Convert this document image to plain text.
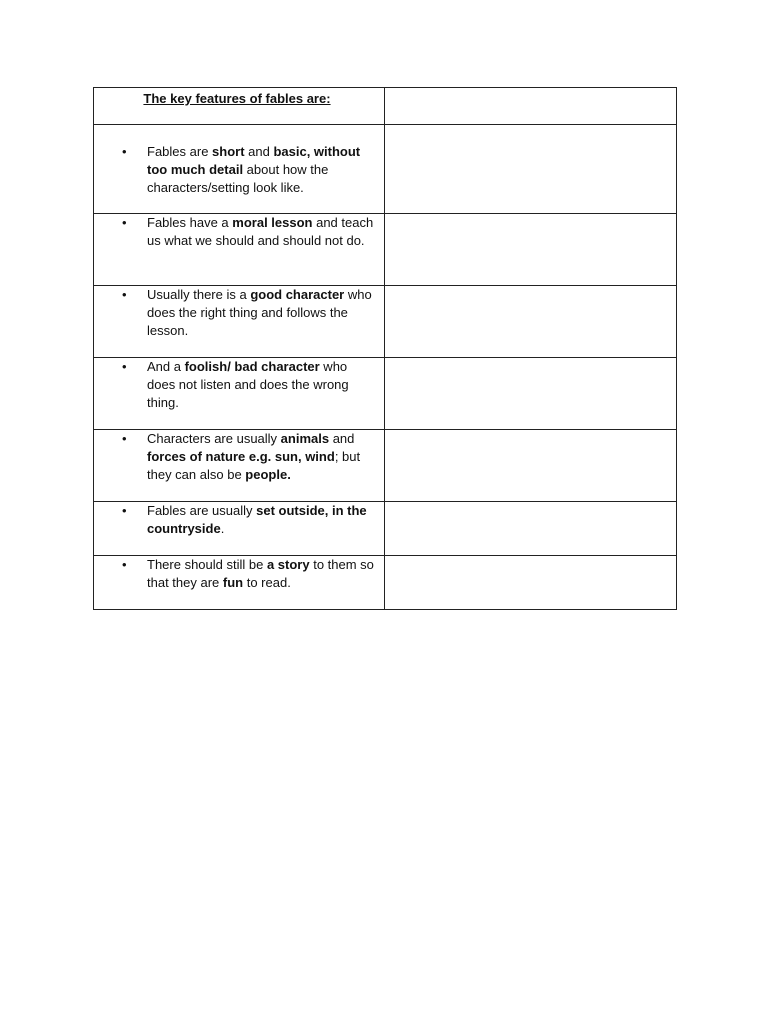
The key features of fables are:	

• Fables are short and basic, without too much detail about how the characters/setting look like.	

• Fables have a moral lesson and teach us what we should and should not do.	

• Usually there is a good character who does the right thing and follows the lesson.	

• And a foolish/ bad character who does not listen and does the wrong thing.	

• Characters are usually animals and forces of nature e.g. sun, wind; but they can also be people.	

• Fables are usually set outside, in the countryside.	

• There should still be a story to them so that they are fun to read.	
